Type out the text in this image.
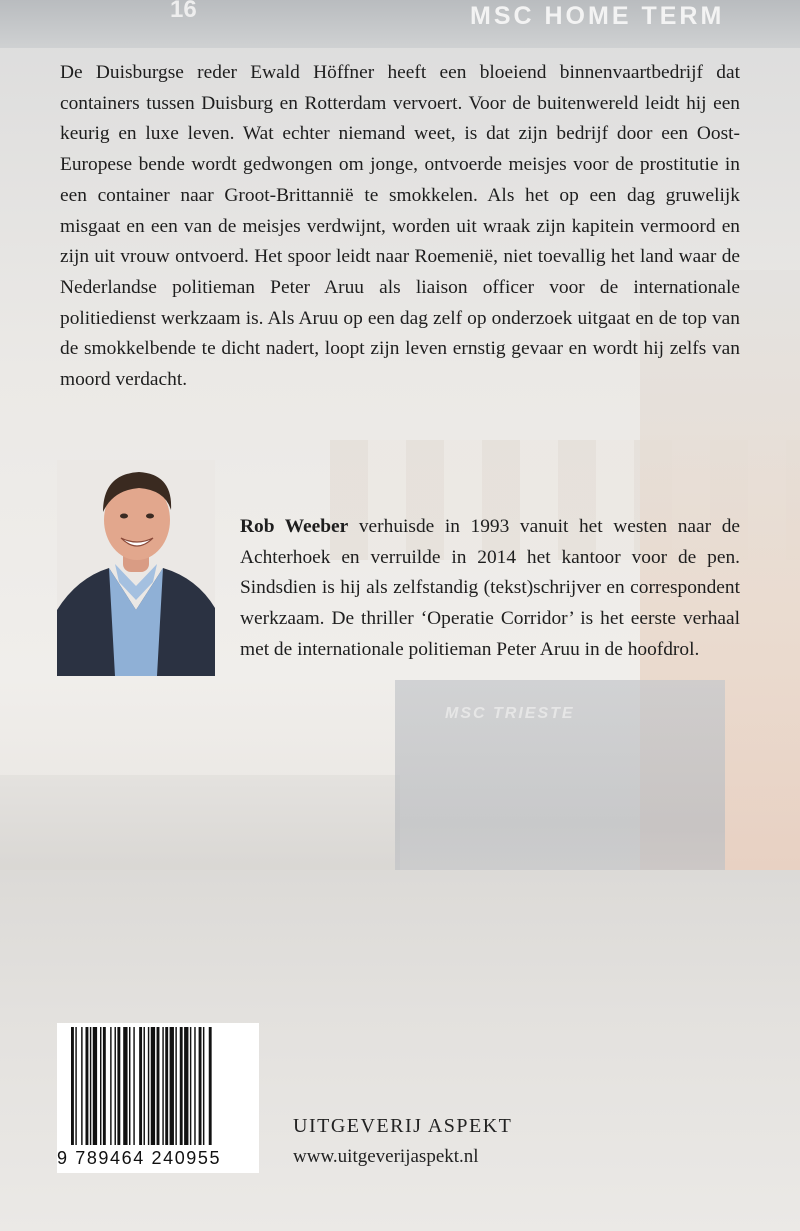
16	MSC HOME TERM
MSC TRIESTE

De Duisburgse reder Ewald Höffner heeft een bloeiend binnenvaartbedrijf dat containers tussen Duisburg en Rotterdam vervoert. Voor de buitenwereld leidt hij een keurig en luxe leven. Wat echter niemand weet, is dat zijn bedrijf door een Oost-Europese bende wordt gedwongen om jonge, ontvoerde meisjes voor de prostitutie in een container naar Groot-Brittannië te smokkelen. Als het op een dag gruwelijk misgaat en een van de meisjes verdwijnt, worden uit wraak zijn kapitein vermoord en zijn uit vrouw ontvoerd. Het spoor leidt naar Roemenië, niet toevallig het land waar de Nederlandse politieman Peter Aruu als liaison officer voor de internationale politiedienst werkzaam is. Als Aruu op een dag zelf op onderzoek uitgaat en de top van de smokkelbende te dicht nadert, loopt zijn leven ernstig gevaar en wordt hij zelfs van moord verdacht.

Rob Weeber verhuisde in 1993 vanuit het westen naar de Achterhoek en verruilde in 2014 het kantoor voor de pen. Sindsdien is hij als zelfstandig (tekst)schrijver en correspondent werkzaam. De thriller ‘Operatie Corridor’ is het eerste verhaal met de internationale politieman Peter Aruu in de hoofdrol.

9 789464 240955
UITGEVERIJ ASPEKT
www.uitgeverijaspekt.nl
